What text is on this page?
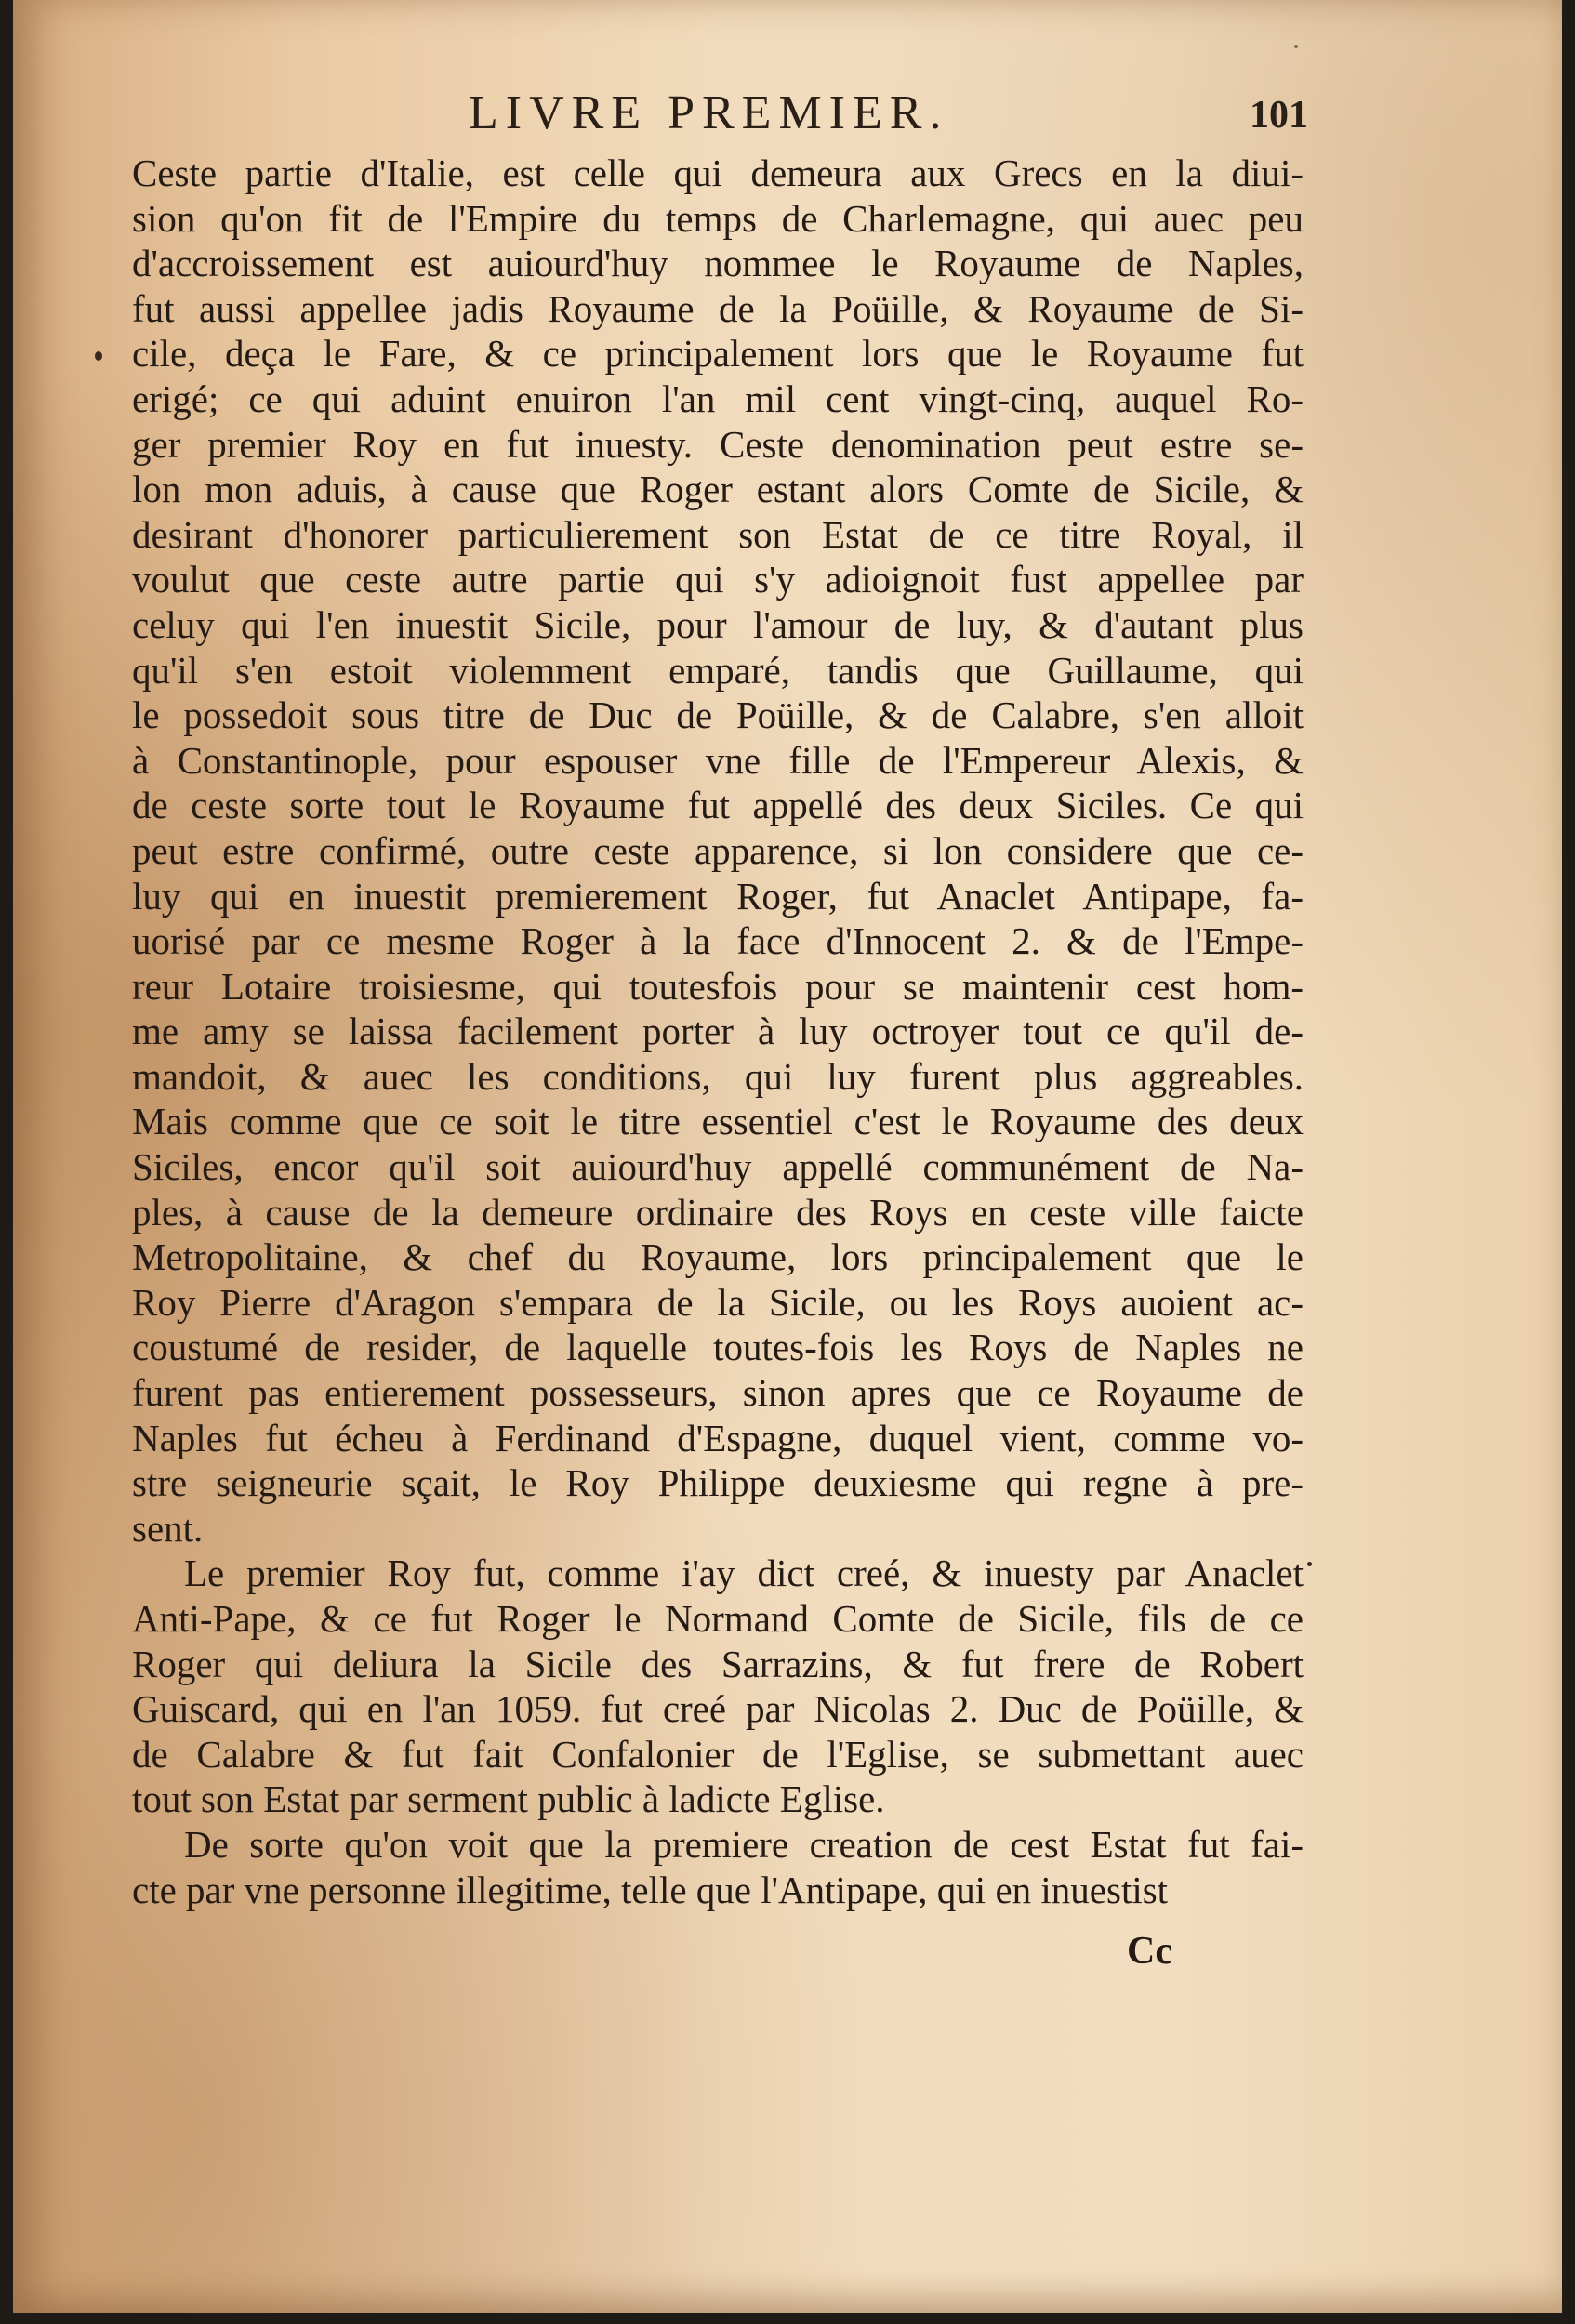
LIVRE PREMIER.	101
Ceste partie d'Italie, est celle qui demeura aux Grecs en la diui-
sion qu'on fit de l'Empire du temps de Charlemagne, qui auec peu
d'accroissement est auiourd'huy nommee le Royaume de Naples,
fut aussi appellee jadis Royaume de la Poüille, & Royaume de Si-
cile, deça le Fare, & ce principalement lors que le Royaume fut
erigé; ce qui aduint enuiron l'an mil cent vingt-cinq, auquel Ro-
ger premier Roy en fut inuesty. Ceste denomination peut estre se-
lon mon aduis, à cause que Roger estant alors Comte de Sicile, &
desirant d'honorer particulierement son Estat de ce titre Royal, il
voulut que ceste autre partie qui s'y adioignoit fust appellee par
celuy qui l'en inuestit Sicile, pour l'amour de luy, & d'autant plus
qu'il s'en estoit violemment emparé, tandis que Guillaume, qui
le possedoit sous titre de Duc de Poüille, & de Calabre, s'en alloit
à Constantinople, pour espouser vne fille de l'Empereur Alexis, &
de ceste sorte tout le Royaume fut appellé des deux Siciles. Ce qui
peut estre confirmé, outre ceste apparence, si lon considere que ce-
luy qui en inuestit premierement Roger, fut Anaclet Antipape, fa-
uorisé par ce mesme Roger à la face d'Innocent 2. & de l'Empe-
reur Lotaire troisiesme, qui toutesfois pour se maintenir cest hom-
me amy se laissa facilement porter à luy octroyer tout ce qu'il de-
mandoit, & auec les conditions, qui luy furent plus aggreables.
Mais comme que ce soit le titre essentiel c'est le Royaume des deux
Siciles, encor qu'il soit auiourd'huy appellé communément de Na-
ples, à cause de la demeure ordinaire des Roys en ceste ville faicte
Metropolitaine, & chef du Royaume, lors principalement que le
Roy Pierre d'Aragon s'empara de la Sicile, ou les Roys auoient ac-
coustumé de resider, de laquelle toutes-fois les Roys de Naples ne
furent pas entierement possesseurs, sinon apres que ce Royaume de
Naples fut écheu à Ferdinand d'Espagne, duquel vient, comme vo-
stre seigneurie sçait, le Roy Philippe deuxiesme qui regne à pre-
sent.
Le premier Roy fut, comme i'ay dict creé, & inuesty par Anaclet
Anti-Pape, & ce fut Roger le Normand Comte de Sicile, fils de ce
Roger qui deliura la Sicile des Sarrazins, & fut frere de Robert
Guiscard, qui en l'an 1059. fut creé par Nicolas 2. Duc de Poüille, &
de Calabre & fut fait Confalonier de l'Eglise, se submettant auec
tout son Estat par serment public à ladicte Eglise.
De sorte qu'on voit que la premiere creation de cest Estat fut fai-
cte par vne personne illegitime, telle que l'Antipape, qui en inuestist
Cc
